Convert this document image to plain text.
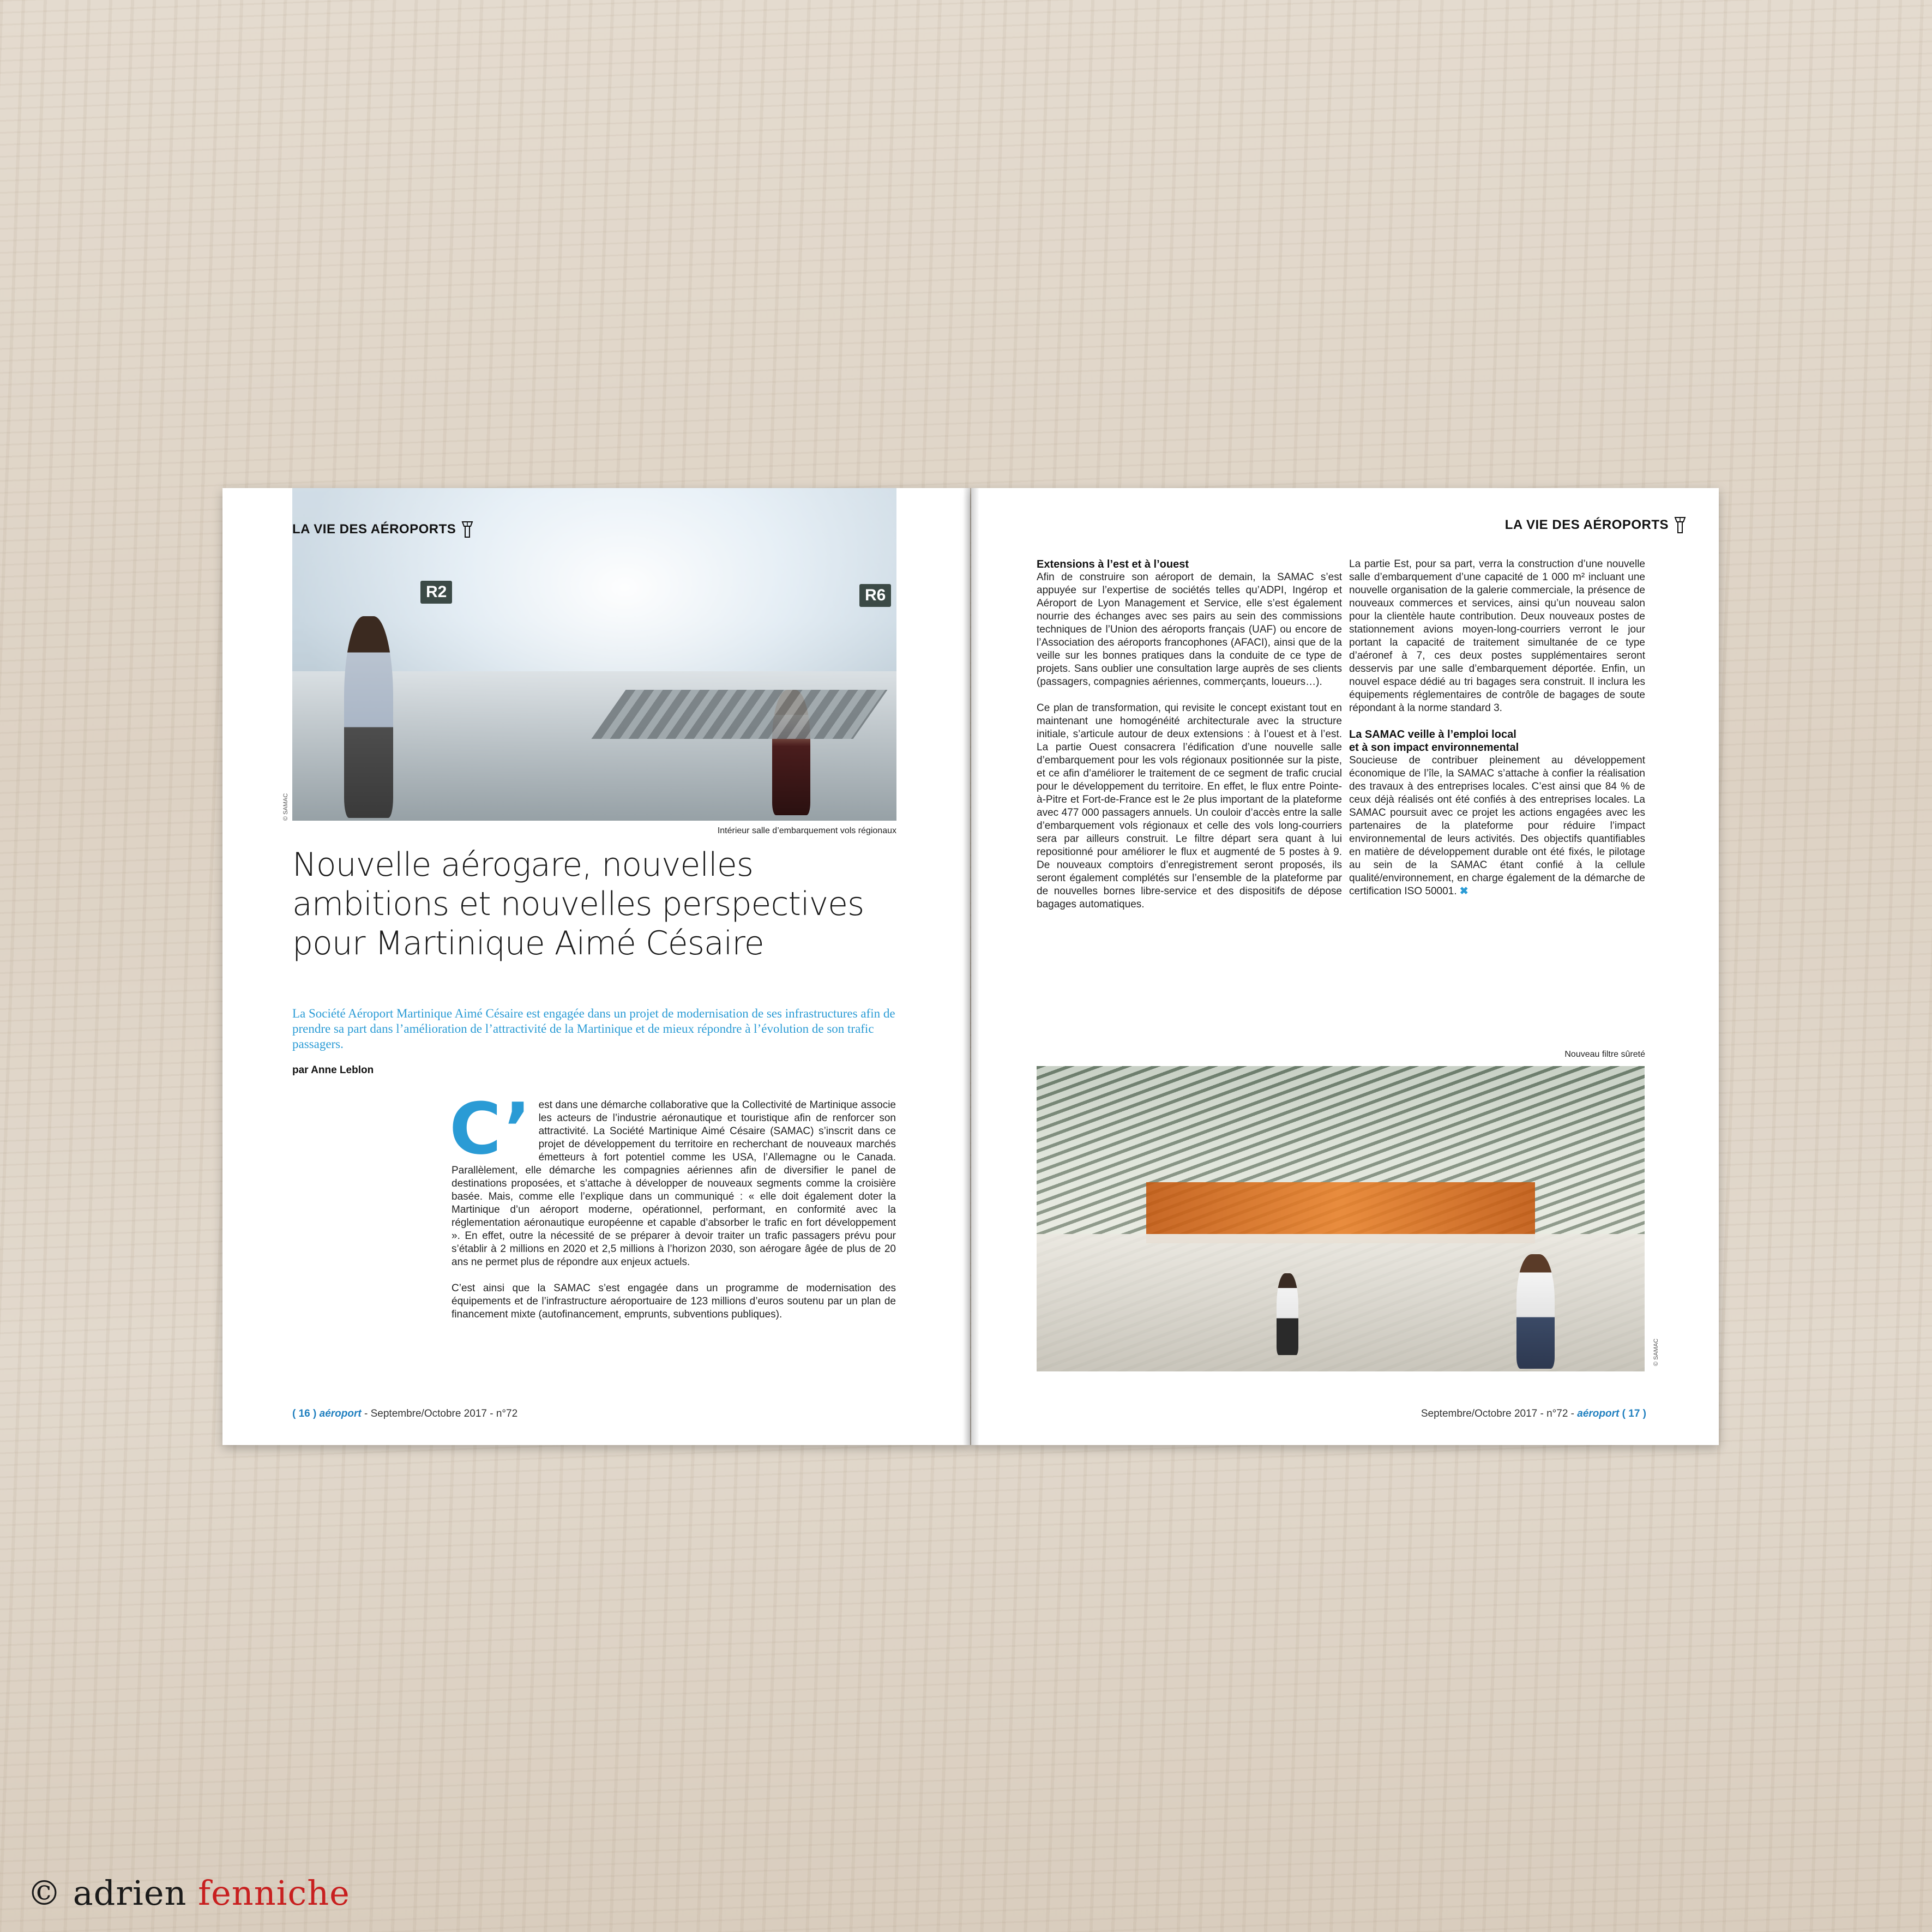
R2	R6
LA VIE DES AÉROPORTS
© SAMAC
Intérieur salle d’embarquement vols régionaux
Nouvelle aérogare, nouvelles
ambitions et nouvelles perspectives
pour Martinique Aimé Césaire
La Société Aéroport Martinique Aimé Césaire est engagée dans un projet de modernisation de ses infrastructures afin de prendre sa part dans l’amélioration de l’attractivité de la Martinique et de mieux répondre à l’évolution de son trafic passagers.
par Anne Leblon

C’ est dans une démarche collaborative que la Collectivité de Martinique associe les acteurs de l’industrie aéronautique et touristique afin de renforcer son attractivité. La Société Martinique Aimé Césaire (SAMAC) s’inscrit dans ce projet de développement du territoire en recherchant de nouveaux marchés émetteurs à fort potentiel comme les USA, l’Allemagne ou le Canada. Parallèlement, elle démarche les compagnies aériennes afin de diversifier le panel de destinations proposées, et s’attache à développer de nouveaux segments comme la croisière basée. Mais, comme elle l’explique dans un communiqué : « elle doit également doter la Martinique d’un aéroport moderne, opérationnel, performant, en conformité avec la réglementation aéronautique européenne et capable d’absorber le trafic en fort développement ». En effet, outre la nécessité de se préparer à devoir traiter un trafic passagers prévu pour s’établir à 2 millions en 2020 et 2,5 millions à l’horizon 2030, son aérogare âgée de plus de 20 ans ne permet plus de répondre aux enjeux actuels.

C’est ainsi que la SAMAC s’est engagée dans un programme de modernisation des équipements et de l’infrastructure aéroportuaire de 123 millions d’euros soutenu par un plan de financement mixte (autofinancement, emprunts, subventions publiques).

( 16 ) aéroport - Septembre/Octobre 2017 - n°72
LA VIE DES AÉROPORTS
Extensions à l’est et à l’ouest

Afin de construire son aéroport de demain, la SAMAC s’est appuyée sur l’expertise de sociétés telles qu’ADPI, Ingérop et Aéroport de Lyon Management et Service, elle s’est également nourrie des échanges avec ses pairs au sein des commissions techniques de l’Union des aéroports français (UAF) ou encore de l’Association des aéroports francophones (AFACI), ainsi que de la veille sur les bonnes pratiques dans la conduite de ce type de projets. Sans oublier une consultation large auprès de ses clients (passagers, compagnies aériennes, commerçants, loueurs…).

Ce plan de transformation, qui revisite le concept existant tout en maintenant une homogénéité architecturale avec la structure initiale, s’articule autour de deux extensions : à l’ouest et à l’est. La partie Ouest consacrera l’édification d’une nouvelle salle d’embarquement pour les vols régionaux positionnée sur la piste, et ce afin d’améliorer le traitement de ce segment de trafic crucial pour le développement du territoire. En effet, le flux entre Pointe-à-Pitre et Fort-de-France est le 2e plus important de la plateforme avec 477 000 passagers annuels. Un couloir d’accès entre la salle d’embarquement vols régionaux et celle des vols long-courriers sera par ailleurs construit. Le filtre départ sera quant à lui repositionné pour améliorer le flux et augmenté de 5 postes à 9. De nouveaux comptoirs d’enregistrement seront proposés, ils seront également complétés sur l’ensemble de la plateforme par de nouvelles bornes libre-service et des dispositifs de dépose bagages automatiques.

La partie Est, pour sa part, verra la construction d’une nouvelle salle d’embarquement d’une capacité de 1 000 m² incluant une nouvelle organisation de la galerie commerciale, la présence de nouveaux commerces et services, ainsi qu’un nouveau salon pour la clientèle haute contribution. Deux nouveaux postes de stationnement avions moyen-long-courriers verront le jour portant la capacité de traitement simultanée de ce type d’aéronef à 7, ces deux postes supplémentaires seront desservis par une salle d’embarquement déportée. Enfin, un nouvel espace dédié au tri bagages sera construit. Il inclura les équipements réglementaires de contrôle de bagages de soute répondant à la norme standard 3.

La SAMAC veille à l’emploi local
et à son impact environnemental

Soucieuse de contribuer pleinement au développement économique de l’île, la SAMAC s’attache à confier la réalisation des travaux à des entreprises locales. C’est ainsi que 84 % de ceux déjà réalisés ont été confiés à des entreprises locales. La SAMAC poursuit avec ce projet les actions engagées avec les partenaires de la plateforme pour réduire l’impact environnemental de leurs activités. Des objectifs quantifiables en matière de développement durable ont été fixés, le pilotage au sein de la SAMAC étant confié à la cellule qualité/environnement, en charge également de la démarche de certification ISO 50001. ✖

Nouveau filtre sûreté
© SAMAC
Septembre/Octobre 2017 - n°72 - aéroport ( 17 )
© adrien fenniche
